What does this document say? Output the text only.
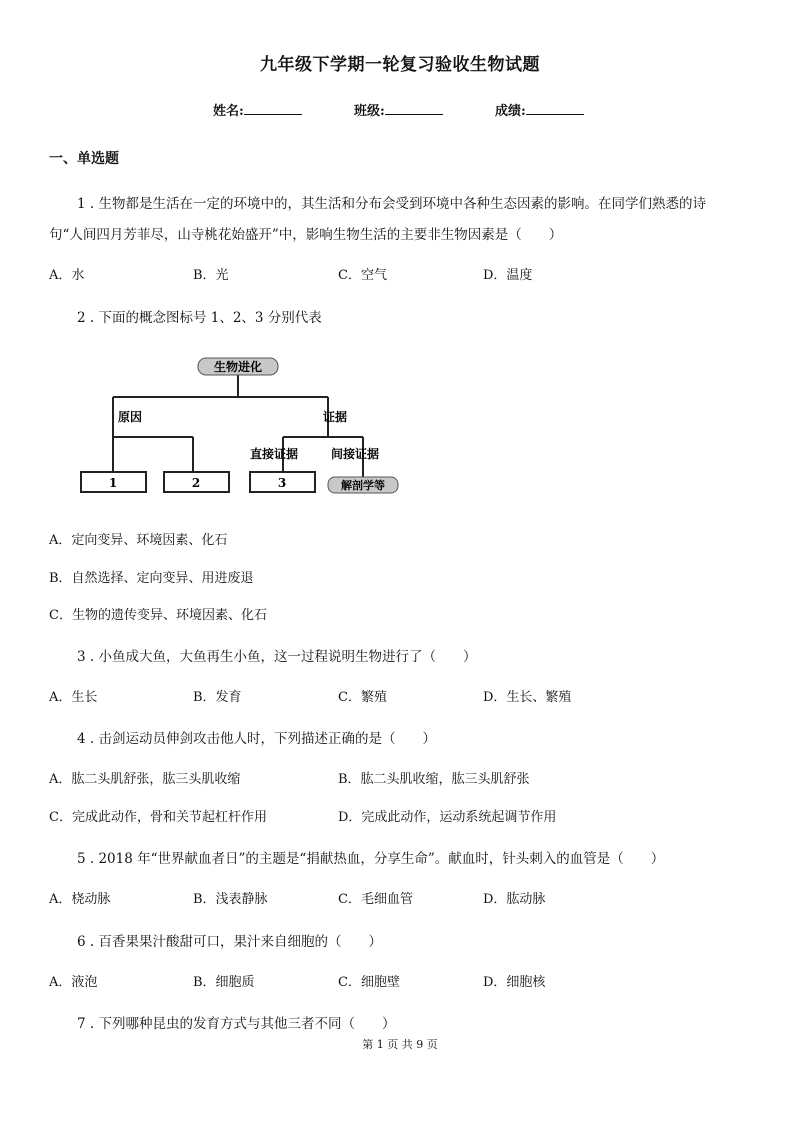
九年级下学期一轮复习验收生物试题
姓名:	班级:	成绩:
一、单选题
1 . 生物都是生活在一定的环境中的，其生活和分布会受到环境中各种生态因素的影响。在同学们熟悉的诗
句“人间四月芳菲尽，山寺桃花始盛开”中，影响生物生活的主要非生物因素是（　　）
A．水	B．光	C．空气	D．温度
2 . 下面的概念图标号 1、2、3 分别代表
生物进化
原因	证据
直接证据	间接证据
1	2	3	解剖学等
A．定向变异、环境因素、化石
B．自然选择、定向变异、用进废退
C．生物的遗传变异、环境因素、化石
3 . 小鱼成大鱼，大鱼再生小鱼，这一过程说明生物进行了（　　）
A．生长	B．发育	C．繁殖	D．生长、繁殖
4 . 击剑运动员伸剑攻击他人时，下列描述正确的是（　　）
A．肱二头肌舒张，肱三头肌收缩	B．肱二头肌收缩，肱三头肌舒张
C．完成此动作，骨和关节起杠杆作用	D．完成此动作，运动系统起调节作用
5 . 2018 年“世界献血者日”的主题是“捐献热血，分享生命”。献血时，针头刺入的血管是（　　）
A．桡动脉	B．浅表静脉	C．毛细血管	D．肱动脉
6 . 百香果果汁酸甜可口，果汁来自细胞的（　　）
A．液泡	B．细胞质	C．细胞壁	D．细胞核
7 . 下列哪种昆虫的发育方式与其他三者不同（　　）
第 1 页 共 9 页
